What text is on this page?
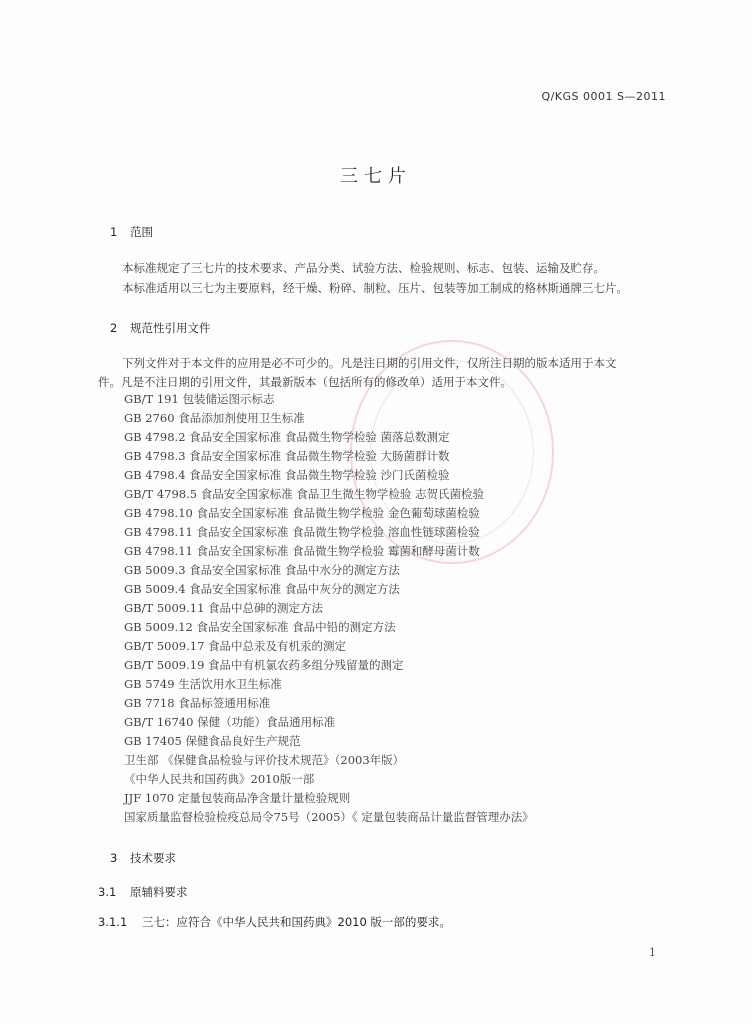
Q/KGS 0001 S—2011
三七片
1 范围
本标准规定了三七片的技术要求、产品分类、试验方法、检验规则、标志、包装、运输及贮存。
本标准适用以三七为主要原料，经干燥、粉碎、制粒、压片、包装等加工制成的格林斯通牌三七片。
2 规范性引用文件
下列文件对于本文件的应用是必不可少的。凡是注日期的引用文件，仅所注日期的版本适用于本文
件。凡是不注日期的引用文件，其最新版本（包括所有的修改单）适用于本文件。
GB/T 191 包装储运图示标志
GB 2760 食品添加剂使用卫生标准
GB 4798.2 食品安全国家标准 食品微生物学检验 菌落总数测定
GB 4798.3 食品安全国家标准 食品微生物学检验 大肠菌群计数
GB 4798.4 食品安全国家标准 食品微生物学检验 沙门氏菌检验
GB/T 4798.5 食品安全国家标准 食品卫生微生物学检验 志贺氏菌检验
GB 4798.10 食品安全国家标准 食品微生物学检验 金色葡萄球菌检验
GB 4798.11 食品安全国家标准 食品微生物学检验 溶血性链球菌检验
GB 4798.11 食品安全国家标准 食品微生物学检验 霉菌和酵母菌计数
GB 5009.3 食品安全国家标准 食品中水分的测定方法
GB 5009.4 食品安全国家标准 食品中灰分的测定方法
GB/T 5009.11 食品中总砷的测定方法
GB 5009.12 食品安全国家标准 食品中铅的测定方法
GB/T 5009.17 食品中总汞及有机汞的测定
GB/T 5009.19 食品中有机氯农药多组分残留量的测定
GB 5749 生活饮用水卫生标准
GB 7718 食品标签通用标准
GB/T 16740 保健（功能）食品通用标准
GB 17405 保健食品良好生产规范
卫生部 《保健食品检验与评价技术规范》（2003年版）
《中华人民共和国药典》2010版一部
JJF 1070 定量包装商品净含量计量检验规则
国家质量监督检验检疫总局令75号（2005）《 定量包装商品计量监督管理办法》
3 技术要求
3.1 原辅料要求
3.1.1 三七：应符合《中华人民共和国药典》2010 版一部的要求。
1
